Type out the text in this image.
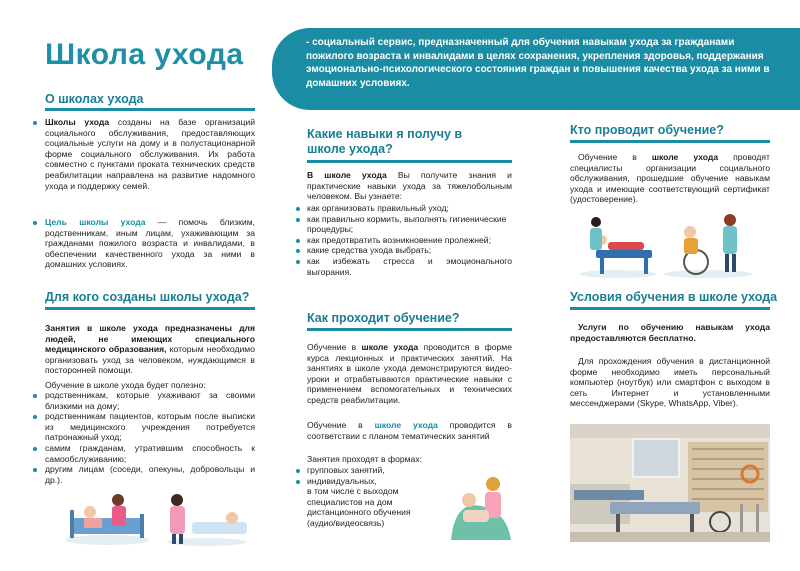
Школа ухода	- социальный сервис, предназначенный для обучения навыкам ухода за гражданами пожилого возраста и инвалидами в целях сохранения, укрепления здоровья, поддержания эмоционально-психологического состояния граждан и повышения качества ухода за ними в домашних условиях.
О школах ухода
Школы ухода созданы на базе организаций социального обслуживания, предоставляющих социальные услуги на дому и в полустационарной форме социального обслуживания. Их работа совместно с пунктами проката технических средств реабилитации направлена на развитие надомного ухода и поддержку семей.
Цель школы ухода — помочь близким, родственникам, иным лицам, ухаживающим за гражданами пожилого возраста и инвалидами, в обеспечении качественного ухода за ними в домашних условиях.
Для кого созданы школы ухода?
Занятия в школе ухода предназначены для людей, не имеющих специального медицинского образования, которым необходимо организовать уход за человеком, нуждающимся в посторонней помощи.
Обучение в школе ухода будет полезно:
родственникам, которые ухаживают за своими близкими на дому;
родственникам пациентов, которым после выписки из медицинского учреждения потребуется патронажный уход;
самим гражданам, утратившим способность к самообслуживанию;
другим лицам (соседи, опекуны, добровольцы и др.).
Какие навыки я получу в школе ухода?
В школе ухода Вы получите знания и практические навыки ухода за тяжелобольным человеком. Вы узнаете:
как организовать правильный уход;
как правильно кормить, выполнять гигиенические процедуры;
как предотвратить возникновение пролежней;
какие средства ухода выбрать;
как избежать стресса и эмоционального выгорания.
Как проходит обучение?
Обучение в школе ухода проводится в форме курса лекционных и практических занятий. На занятиях в школе ухода демонстрируются видео-уроки и отрабатываются практические навыки с применением вспомогательных и технических средств реабилитации.
Обучение в школе ухода проводится в соответствии с планом тематических занятий
Занятия проходят в формах:
групповых занятий,
индивидуальных,
в том числе с выходом специалистов на дом дистанционного обучения (аудио/видеосвязь)
Кто проводит обучение?
Обучение в школе ухода проводят специалисты организации социального обслуживания, прошедшие обучение навыкам ухода и имеющие соответствующий сертификат (удостоверение).
Условия обучения в школе ухода
Услуги по обучению навыкам ухода предоставляются бесплатно.
Для прохождения обучения в дистанционной форме необходимо иметь персональный компьютер (ноутбук) или смартфон с выходом в сеть Интернет и установленными мессенджерами (Skype, WhatsApp, Viber).
